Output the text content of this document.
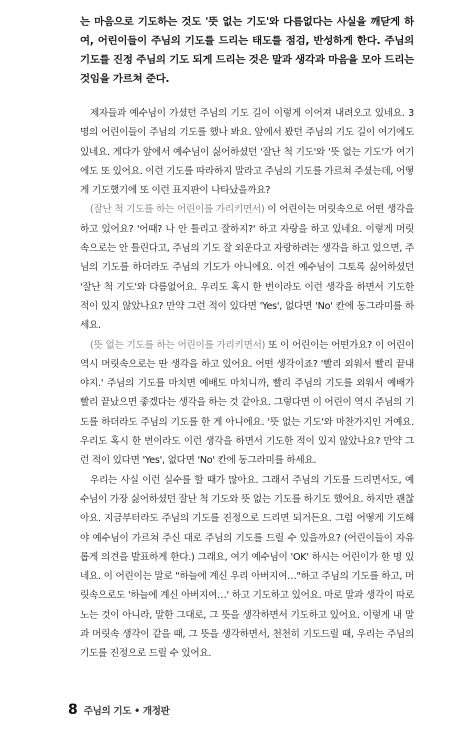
는 마음으로 기도하는 것도 '뜻 없는 기도'와 다름없다는 사실을 깨닫게 하여, 어린이들이 주님의 기도를 드리는 태도를 점검, 반성하게 한다. 주님의 기도를 진정 주님의 기도 되게 드리는 것은 말과 생각과 마음을 모아 드리는 것임을 가르쳐 준다.

제자들과 예수님이 가셨던 주님의 기도 길이 이렇게 이어져 내려오고 있네요. 3명의 어린이들이 주님의 기도를 했나 봐요. 앞에서 봤던 주님의 기도 길이 여기에도 있네요. 게다가 앞에서 예수님이 싫어하셨던 '잘난 척 기도'와 '뜻 없는 기도'가 여기에도 또 있어요. 이런 기도를 따라하지 말라고 주님의 기도를 가르쳐 주셨는데, 어떻게 기도했기에 또 이런 표지판이 나타났을까요?

(잘난 척 기도를 하는 어린이를 가리키면서) 이 어린이는 머릿속으로 어떤 생각을 하고 있어요? '어때? 나 안 틀리고 잘하지?' 하고 자랑을 하고 있네요. 이렇게 머릿속으로는 안 틀린다고, 주님의 기도 잘 외운다고 자랑하려는 생각을 하고 있으면, 주님의 기도를 하더라도 주님의 기도가 아니에요. 이건 예수님이 그토록 싫어하셨던 '잘난 척 기도'와 다름없어요. 우리도 혹시 한 번이라도 이런 생각을 하면서 기도한 적이 있지 않았나요? 만약 그런 적이 있다면 'Yes', 없다면 'No' 칸에 동그라미를 하세요.

(뜻 없는 기도를 하는 어린이를 가리키면서) 또 이 어린이는 어떤가요? 이 어린이 역시 머릿속으로는 딴 생각을 하고 있어요. 어떤 생각이죠? '빨리 외워서 빨리 끝내야지.' 주님의 기도를 마치면 예배도 마치니까, 빨리 주님의 기도를 외워서 예배가 빨리 끝났으면 좋겠다는 생각을 하는 것 같아요. 그렇다면 이 어린이 역시 주님의 기도를 하더라도 주님의 기도를 한 게 아니에요. '뜻 없는 기도'와 마찬가지인 거예요. 우리도 혹시 한 번이라도 이런 생각을 하면서 기도한 적이 있지 않았나요? 만약 그런 적이 있다면 'Yes', 없다면 'No' 칸에 동그라미를 하세요.

우리는 사실 이런 실수를 할 때가 많아요. 그래서 주님의 기도를 드리면서도, 예수님이 가장 싫어하셨던 잘난 척 기도와 뜻 없는 기도를 하기도 했어요. 하지만 괜찮아요. 지금부터라도 주님의 기도를 진정으로 드리면 되거든요. 그럼 어떻게 기도해야 예수님이 가르쳐 주신 대로 주님의 기도를 드릴 수 있을까요? (어린이들이 자유롭게 의견을 발표하게 한다.) 그래요, 여기 예수님이 'OK' 하시는 어린이가 한 명 있네요. 이 어린이는 말로 "하늘에 계신 우리 아버지여…"하고 주님의 기도를 하고, 머릿속으로도 '하늘에 계신 아버지여…' 하고 기도하고 있어요. 마로 말과 생각이 따로 노는 것이 아니라, 말한 그대로, 그 뜻을 생각하면서 기도하고 있어요. 이렇게 내 말과 머릿속 생각이 같을 때, 그 뜻을 생각하면서, 천천히 기도드릴 때, 우리는 주님의 기도를 진정으로 드릴 수 있어요.

8 주님의 기도 • 개정판
